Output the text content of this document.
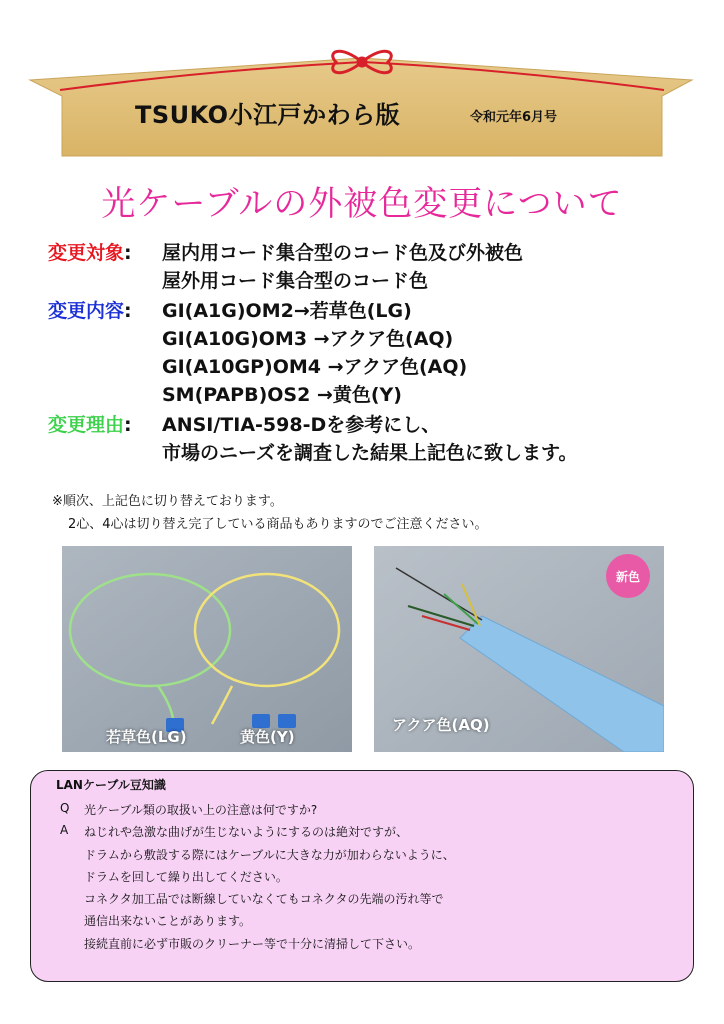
TSUKO小江戸かわら版	令和元年6月号
光ケーブルの外被色変更について
変更対象: 屋内用コード集合型のコード色及び外被色
屋外用コード集合型のコード色
変更内容: GI(A1G)OM2→若草色(LG)
GI(A10G)OM3 →アクア色(AQ)
GI(A10GP)OM4 →アクア色(AQ)
SM(PAPB)OS2 →黄色(Y)
変更理由: ANSI/TIA-598-Dを参考にし、
市場のニーズを調査した結果上記色に致します。
※順次、上記色に切り替えております。
2心、4心は切り替え完了している商品もありますのでご注意ください。
若草色(LG)	黄色(Y)
新色
アクア色(AQ)
LANケーブル豆知識
Q 光ケーブル類の取扱い上の注意は何ですか?
A ねじれや急激な曲げが生じないようにするのは絶対ですが、
ドラムから敷設する際にはケーブルに大きな力が加わらないように、
ドラムを回して繰り出してください。
コネクタ加工品では断線していなくてもコネクタの先端の汚れ等で
通信出来ないことがあります。
接続直前に必ず市販のクリーナー等で十分に清掃して下さい。
